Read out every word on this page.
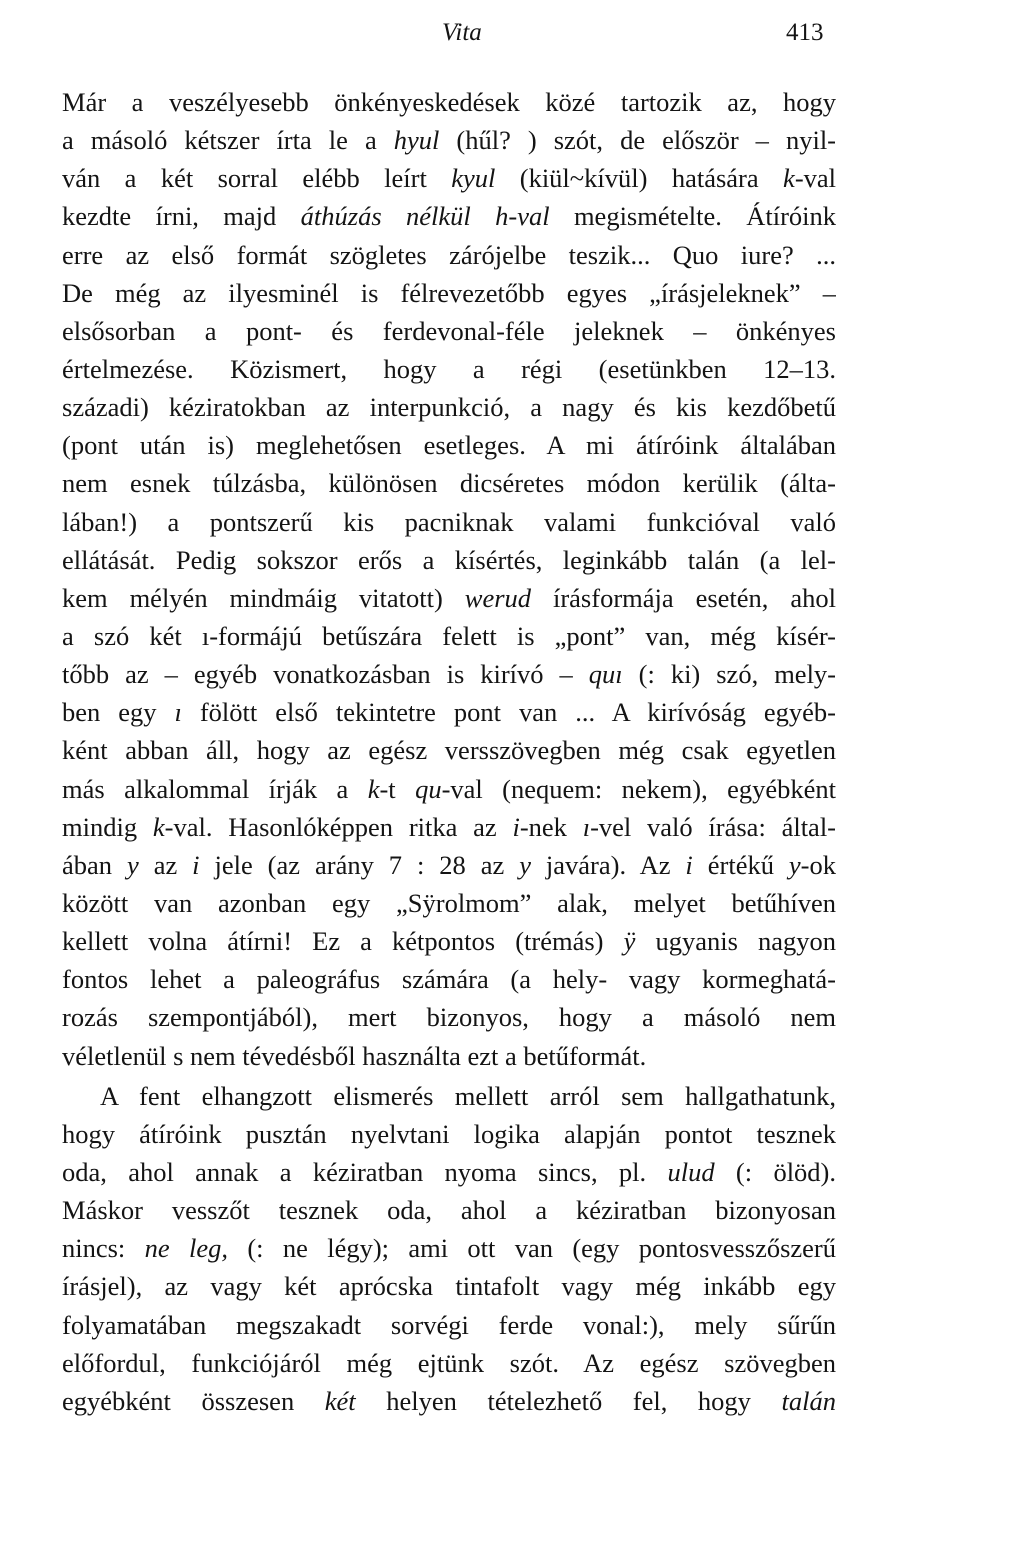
Vita	413
Már a veszélyesebb önkényeskedések közé tartozik az, hogy
a másoló kétszer írta le a hyul (hűl? ) szót, de először – nyil-
ván a két sorral elébb leírt kyul (kiül~kívül) hatására k-val
kezdte írni, majd áthúzás nélkül h-val megismételte. Átíróink
erre az első formát szögletes zárójelbe teszik... Quo iure? ...
De még az ilyesminél is félrevezetőbb egyes „írásjeleknek” –
elsősorban a pont- és ferdevonal-féle jeleknek – önkényes
értelmezése. Közismert, hogy a régi (esetünkben 12–13.
századi) kéziratokban az interpunkció, a nagy és kis kezdőbetű
(pont után is) meglehetősen esetleges. A mi átíróink általában
nem esnek túlzásba, különösen dicséretes módon kerülik (álta-
lában!) a pontszerű kis pacniknak valami funkcióval való
ellátását. Pedig sokszor erős a kísértés, leginkább talán (a lel-
kem mélyén mindmáig vitatott) werud írásformája esetén, ahol
a szó két ı-formájú betűszára felett is „pont” van, még kísér-
tőbb az – egyéb vonatkozásban is kirívó – quı (: ki) szó, mely-
ben egy ı fölött első tekintetre pont van ... A kirívóság egyéb-
ként abban áll, hogy az egész versszövegben még csak egyetlen
más alkalommal írják a k-t qu-val (nequem: nekem), egyébként
mindig k-val. Hasonlóképpen ritka az i-nek ı-vel való írása: által-
ában y az i jele (az arány 7 : 28 az y javára). Az i értékű y-ok
között van azonban egy „Sÿrolmom” alak, melyet betűhíven
kellett volna átírni! Ez a kétpontos (trémás) ÿ ugyanis nagyon
fontos lehet a paleográfus számára (a hely- vagy kormeghatá-
rozás szempontjából), mert bizonyos, hogy a másoló nem
véletlenül s nem tévedésből használta ezt a betűformát.
A fent elhangzott elismerés mellett arról sem hallgathatunk,
hogy átíróink pusztán nyelvtani logika alapján pontot tesznek
oda, ahol annak a kéziratban nyoma sincs, pl. ulud (: ölöd).
Máskor vesszőt tesznek oda, ahol a kéziratban bizonyosan
nincs: ne leg, (: ne légy); ami ott van (egy pontosvesszőszerű
írásjel), az vagy két aprócska tintafolt vagy még inkább egy
folyamatában megszakadt sorvégi ferde vonal:), mely sűrűn
előfordul, funkciójáról még ejtünk szót. Az egész szövegben
egyébként összesen két helyen tételezhető fel, hogy talán
